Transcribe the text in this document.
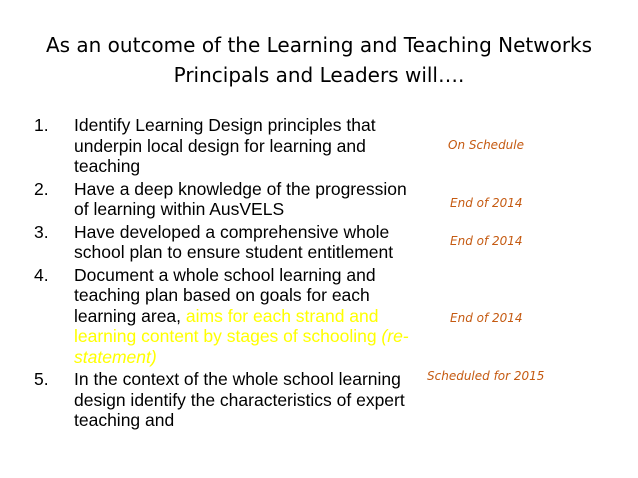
As an outcome of the Learning and Teaching Networks
Principals and Leaders will….
1. Identify Learning Design principles that underpin local design for learning and teaching
2. Have a deep knowledge of the progression of learning within AusVELS
3. Have developed a comprehensive whole school plan to ensure student entitlement
4. Document a whole school learning and teaching plan based on goals for each learning area, aims for each strand and learning content by stages of schooling (re-statement)
5. In the context of the whole school learning design identify the characteristics of expert teaching and
On Schedule
End of 2014
End of 2014
End of 2014
Scheduled for 2015
